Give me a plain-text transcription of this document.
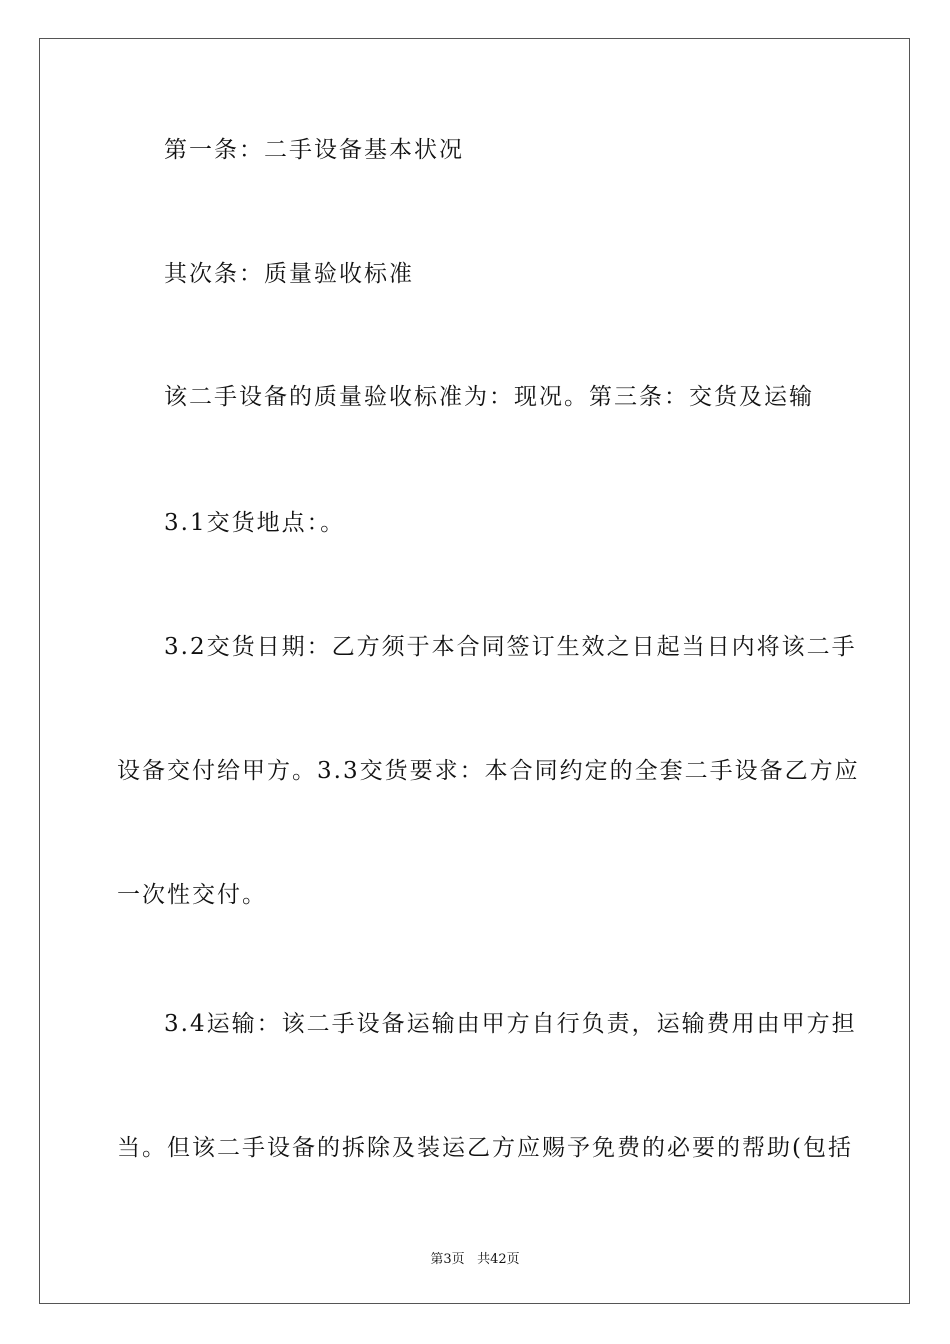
第一条：二手设备基本状况
其次条：质量验收标准
该二手设备的质量验收标准为：现况。第三条：交货及运输
3.1交货地点：。
3.2交货日期：乙方须于本合同签订生效之日起当日内将该二手
设备交付给甲方。3.3交货要求：本合同约定的全套二手设备乙方应
一次性交付。
3.4运输：该二手设备运输由甲方自行负责，运输费用由甲方担
当。但该二手设备的拆除及装运乙方应赐予免费的必要的帮助(包括
第3页 共42页
